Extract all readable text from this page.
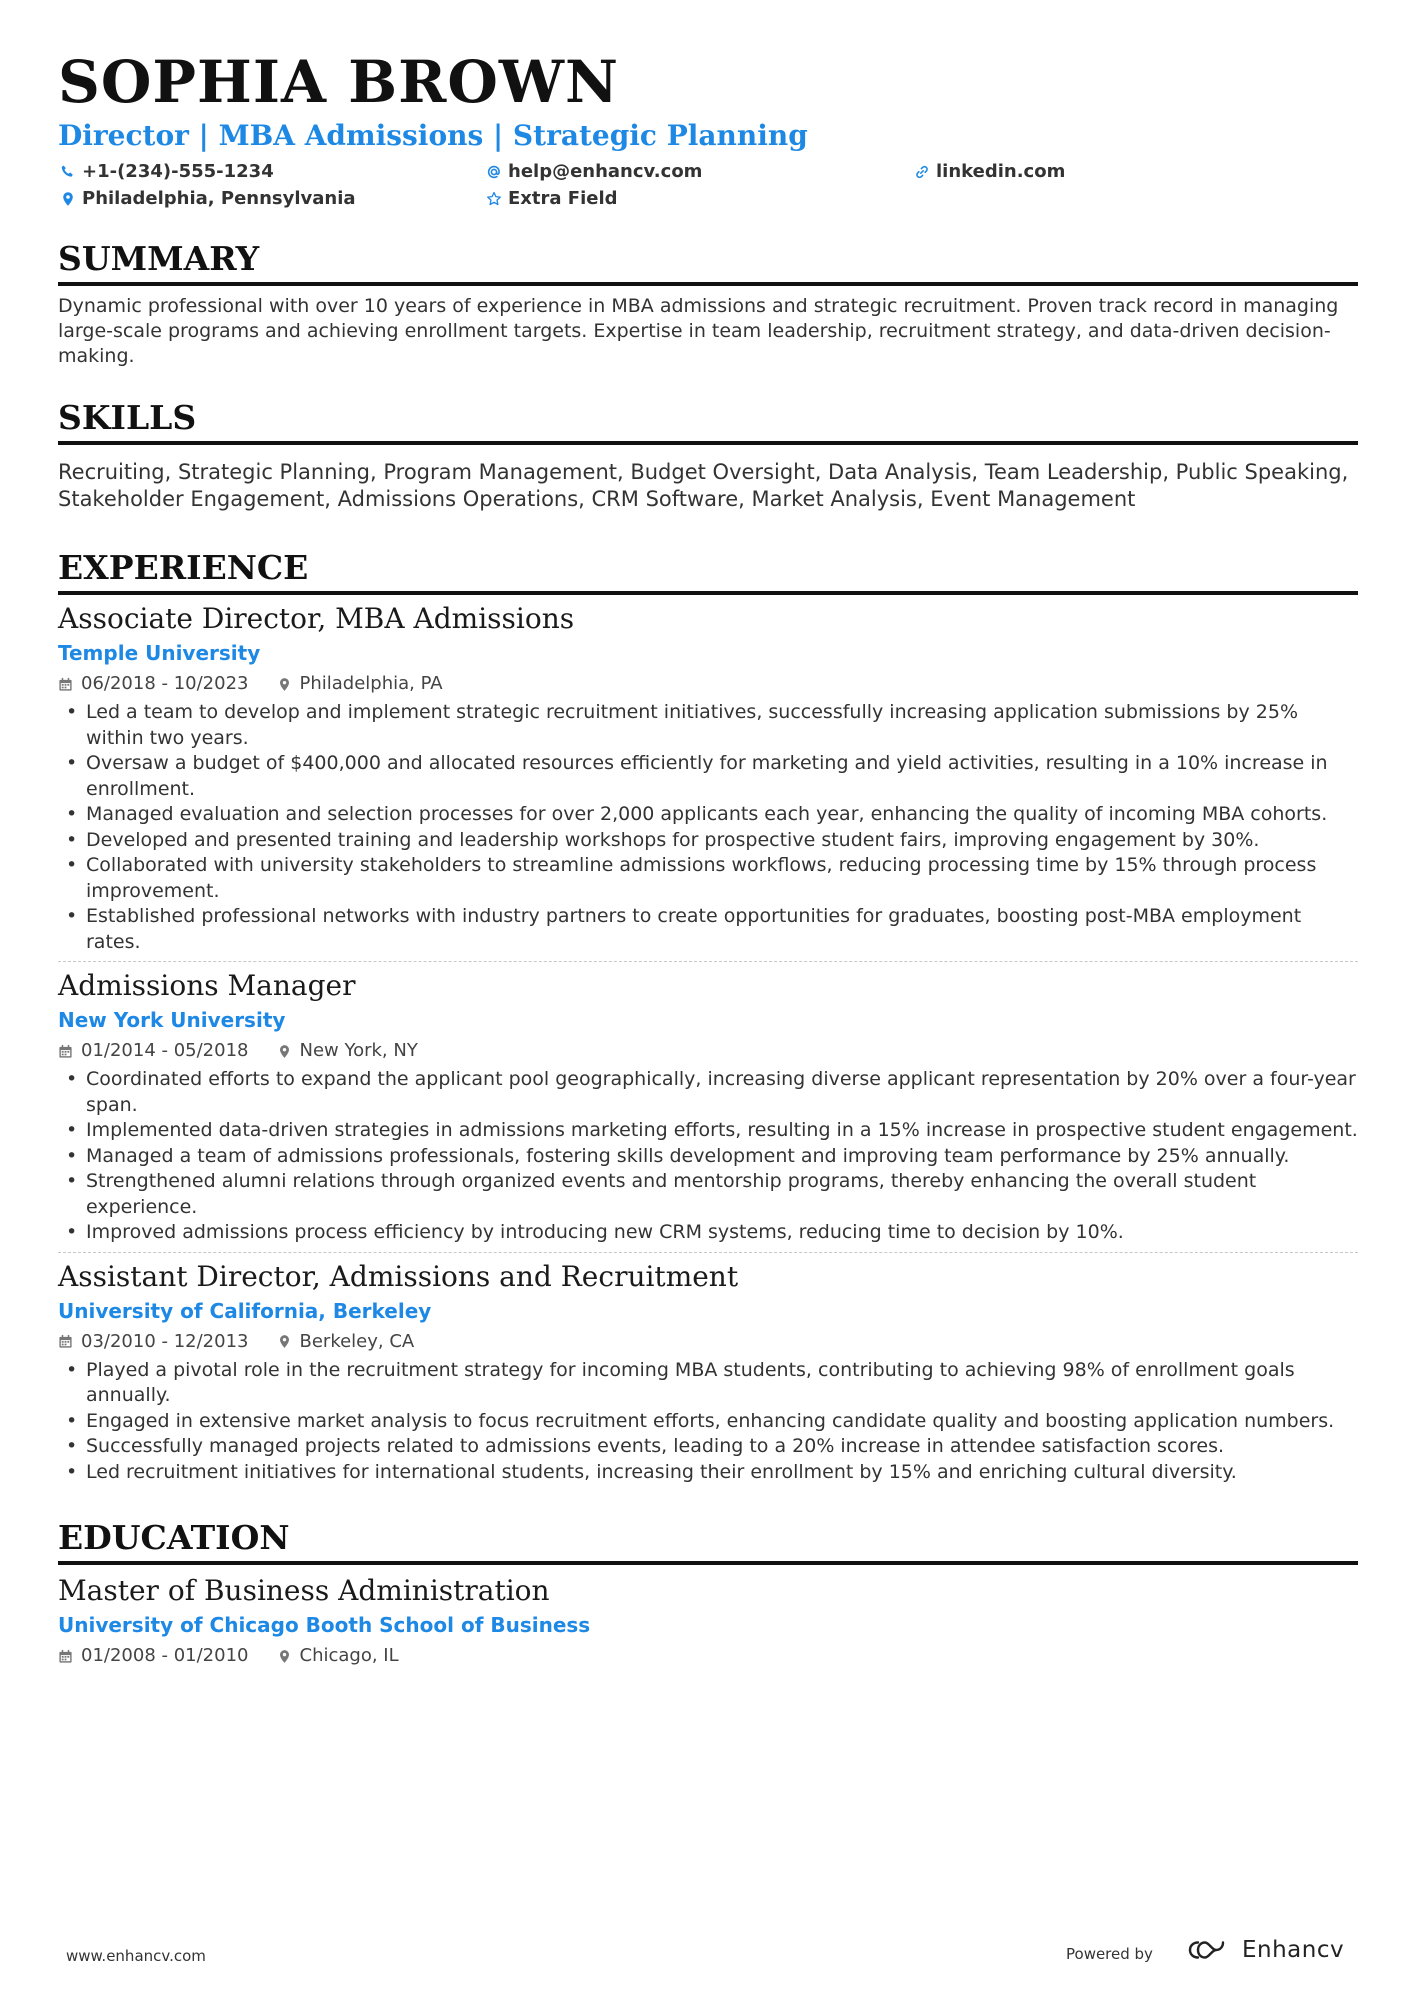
SOPHIA BROWN
Director | MBA Admissions | Strategic Planning
+1-(234)-555-1234	help@enhancv.com	linkedin.com
Philadelphia, Pennsylvania	Extra Field
SUMMARY
Dynamic professional with over 10 years of experience in MBA admissions and strategic recruitment. Proven track record in managing large-scale programs and achieving enrollment targets. Expertise in team leadership, recruitment strategy, and data-driven decision-making.
SKILLS
Recruiting, Strategic Planning, Program Management, Budget Oversight, Data Analysis, Team Leadership, Public Speaking, Stakeholder Engagement, Admissions Operations, CRM Software, Market Analysis, Event Management
EXPERIENCE
Associate Director, MBA Admissions
Temple University
06/2018 - 10/2023	Philadelphia, PA
• Led a team to develop and implement strategic recruitment initiatives, successfully increasing application submissions by 25% within two years.
• Oversaw a budget of $400,000 and allocated resources efficiently for marketing and yield activities, resulting in a 10% increase in enrollment.
• Managed evaluation and selection processes for over 2,000 applicants each year, enhancing the quality of incoming MBA cohorts.
• Developed and presented training and leadership workshops for prospective student fairs, improving engagement by 30%.
• Collaborated with university stakeholders to streamline admissions workflows, reducing processing time by 15% through process improvement.
• Established professional networks with industry partners to create opportunities for graduates, boosting post-MBA employment rates.
Admissions Manager
New York University
01/2014 - 05/2018	New York, NY
• Coordinated efforts to expand the applicant pool geographically, increasing diverse applicant representation by 20% over a four-year span.
• Implemented data-driven strategies in admissions marketing efforts, resulting in a 15% increase in prospective student engagement.
• Managed a team of admissions professionals, fostering skills development and improving team performance by 25% annually.
• Strengthened alumni relations through organized events and mentorship programs, thereby enhancing the overall student experience.
• Improved admissions process efficiency by introducing new CRM systems, reducing time to decision by 10%.
Assistant Director, Admissions and Recruitment
University of California, Berkeley
03/2010 - 12/2013	Berkeley, CA
• Played a pivotal role in the recruitment strategy for incoming MBA students, contributing to achieving 98% of enrollment goals annually.
• Engaged in extensive market analysis to focus recruitment efforts, enhancing candidate quality and boosting application numbers.
• Successfully managed projects related to admissions events, leading to a 20% increase in attendee satisfaction scores.
• Led recruitment initiatives for international students, increasing their enrollment by 15% and enriching cultural diversity.
EDUCATION
Master of Business Administration
University of Chicago Booth School of Business
01/2008 - 01/2010	Chicago, IL
www.enhancv.com	Powered by	Enhancv
